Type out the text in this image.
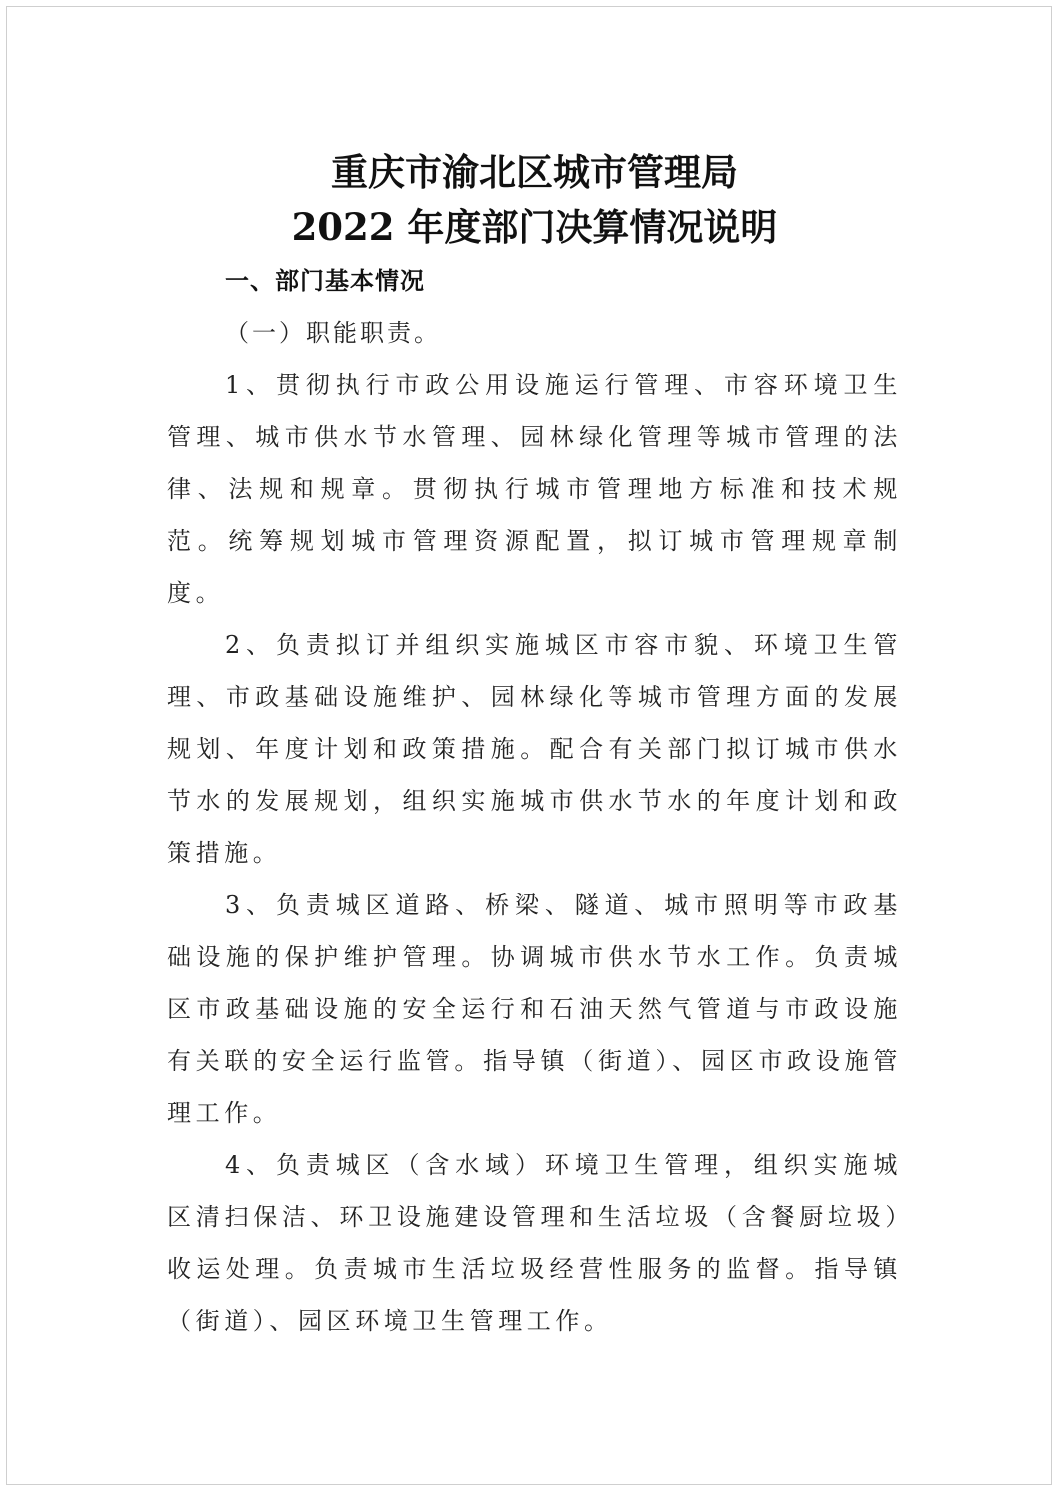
重庆市渝北区城市管理局
2022 年度部门决算情况说明

一、部门基本情况

（一）职能职责。

1、贯彻执行市政公用设施运行管理、市容环境卫生管理、城市供水节水管理、园林绿化管理等城市管理的法律、法规和规章。贯彻执行城市管理地方标准和技术规范。统筹规划城市管理资源配置，拟订城市管理规章制度。

2、负责拟订并组织实施城区市容市貌、环境卫生管理、市政基础设施维护、园林绿化等城市管理方面的发展规划、年度计划和政策措施。配合有关部门拟订城市供水节水的发展规划，组织实施城市供水节水的年度计划和政策措施。

3、负责城区道路、桥梁、隧道、城市照明等市政基础设施的保护维护管理。协调城市供水节水工作。负责城区市政基础设施的安全运行和石油天然气管道与市政设施有关联的安全运行监管。指导镇（街道）、园区市政设施管理工作。

4、负责城区（含水域）环境卫生管理，组织实施城区清扫保洁、环卫设施建设管理和生活垃圾（含餐厨垃圾）收运处理。负责城市生活垃圾经营性服务的监督。指导镇（街道）、园区环境卫生管理工作。
